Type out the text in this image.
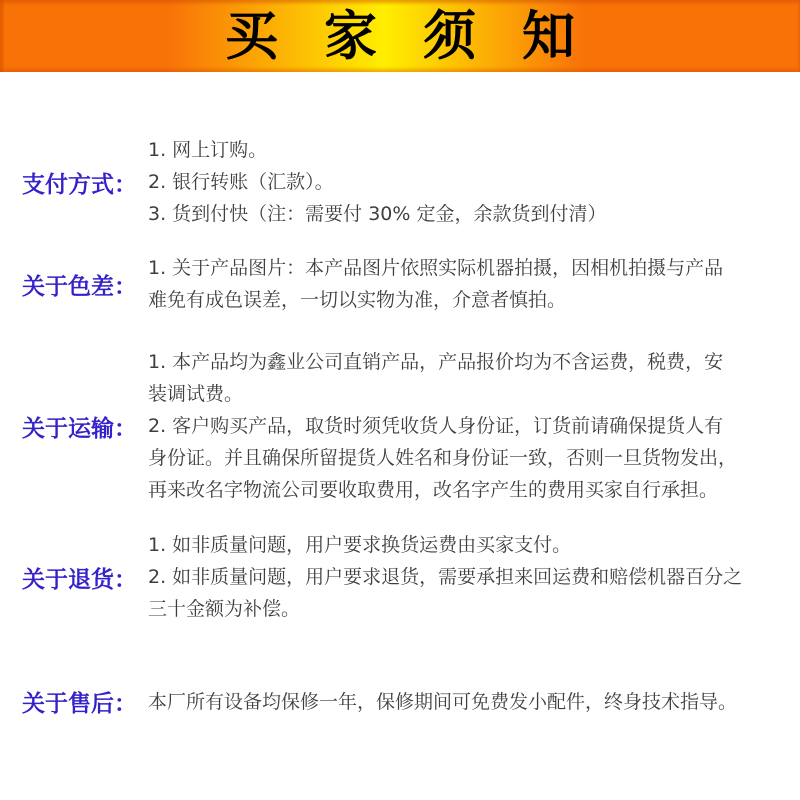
买家须知
支付方式：

1. 网上订购。

2. 银行转账（汇款）。

3. 货到付快（注：需要付 30% 定金，余款货到付清）

关于色差：

1. 关于产品图片：本产品图片依照实际机器拍摄，因相机拍摄与产品

难免有成色误差，一切以实物为准，介意者慎拍。

关于运输：

1. 本产品均为鑫业公司直销产品，产品报价均为不含运费，税费，安

装调试费。

2. 客户购买产品，取货时须凭收货人身份证，订货前请确保提货人有

身份证。并且确保所留提货人姓名和身份证一致，否则一旦货物发出，

再来改名字物流公司要收取费用，改名字产生的费用买家自行承担。

关于退货：

1. 如非质量问题，用户要求换货运费由买家支付。

2. 如非质量问题，用户要求退货，需要承担来回运费和赔偿机器百分之

三十金额为补偿。

关于售后： 本厂所有设备均保修一年，保修期间可免费发小配件，终身技术指导。
